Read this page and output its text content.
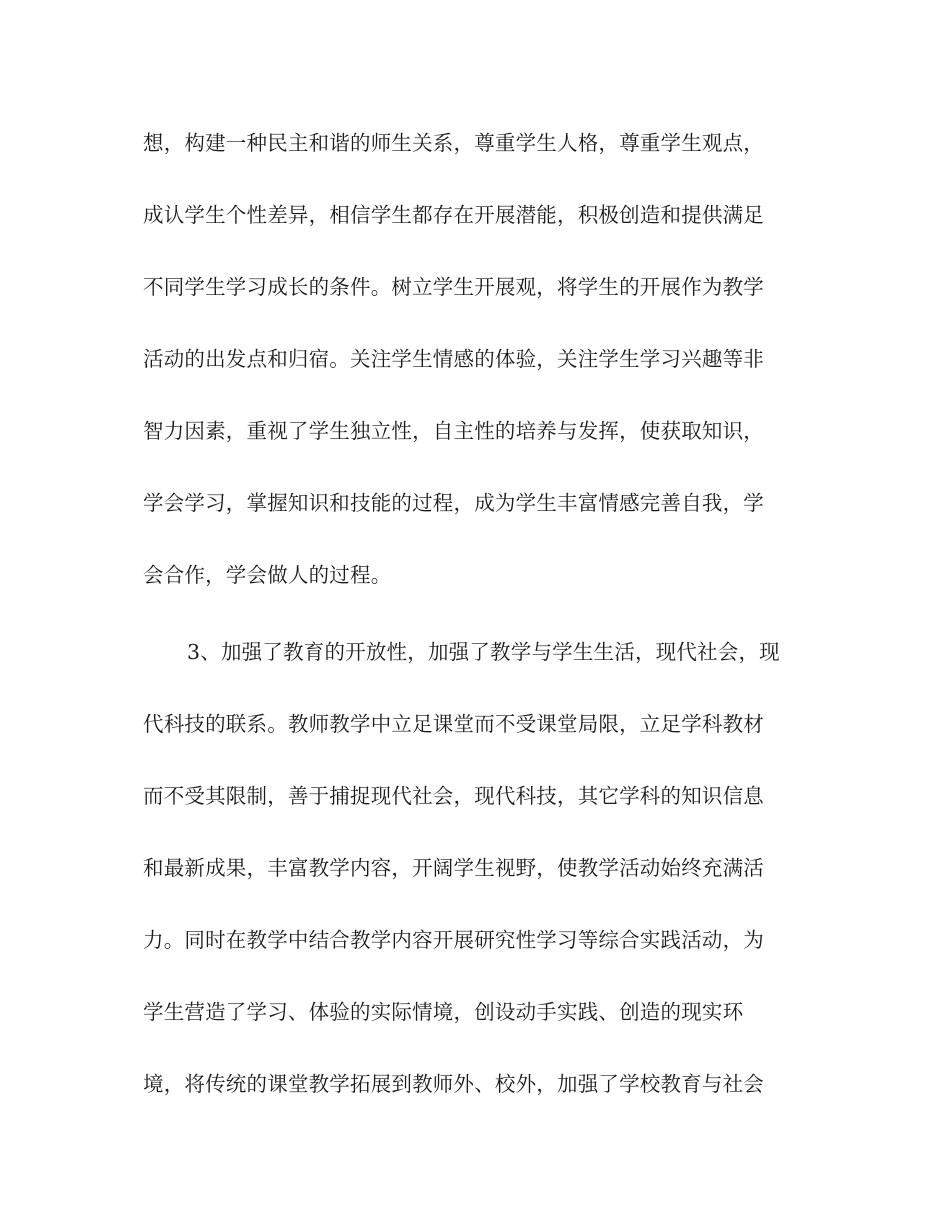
想，构建一种民主和谐的师生关系，尊重学生人格，尊重学生观点，
成认学生个性差异，相信学生都存在开展潜能，积极创造和提供满足
不同学生学习成长的条件。树立学生开展观，将学生的开展作为教学
活动的出发点和归宿。关注学生情感的体验，关注学生学习兴趣等非
智力因素，重视了学生独立性，自主性的培养与发挥，使获取知识，
学会学习，掌握知识和技能的过程，成为学生丰富情感完善自我，学
会合作，学会做人的过程。
3、加强了教育的开放性，加强了教学与学生生活，现代社会，现
代科技的联系。教师教学中立足课堂而不受课堂局限，立足学科教材
而不受其限制，善于捕捉现代社会，现代科技，其它学科的知识信息
和最新成果，丰富教学内容，开阔学生视野，使教学活动始终充满活
力。同时在教学中结合教学内容开展研究性学习等综合实践活动，为
学生营造了学习、体验的实际情境，创设动手实践、创造的现实环
境，将传统的课堂教学拓展到教师外、校外，加强了学校教育与社会
